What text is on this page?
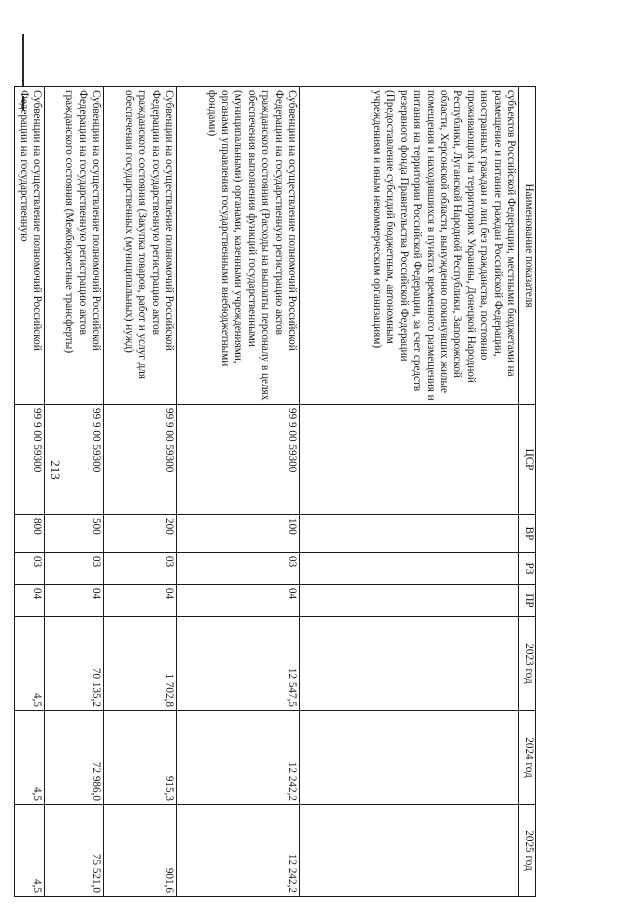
213
Наименование показателя	ЦСР	ВР	РЗ	ПР	2023 год	2024 год	2025 год
субъектов Российской Федерации, местными бюджетами на размещение и питание граждан Российской Федерации, иностранных граждан и лиц без гражданства, постоянно проживающих на территориях Украины, Донецкой Народной Республики, Луганской Народной Республики, Запорожской области, Херсонской области, вынужденно покинувших жилые помещения и находившихся в пунктах временного размещения и питания на территории Российской Федерации, за счет средств резервного фонда Правительства Российской Федерации (Предоставление субсидий бюджетным, автономным учреждениям и иным некоммерческим организациям)							
Субвенции на осуществление полномочий Российской Федерации на государственную регистрацию актов гражданского состояния (Расходы на выплаты персоналу в целях обеспечения выполнения функций государственными (муниципальными) органами, казенными учреждениями, органами управления государственными внебюджетными фондами)	99 9 00 59300	100	03	04	12 547,5	12 242,2	12 242,2
Субвенции на осуществление полномочий Российской Федерации на государственную регистрацию актов гражданского состояния (Закупка товаров, работ и услуг для обеспечения государственных (муниципальных) нужд)	99 9 00 59300	200	03	04	1 702,8	915,3	901,6
Субвенции на осуществление полномочий Российской Федерации на государственную регистрацию актов гражданского состояния (Межбюджетные трансферты)	99 9 00 59300	500	03	04	70 135,2	72 986,0	75 521,0
Субвенции на осуществление полномочий Российской Федерации на государственную	99 9 00 59300	800	03	04	4,5	4,5	4,5
